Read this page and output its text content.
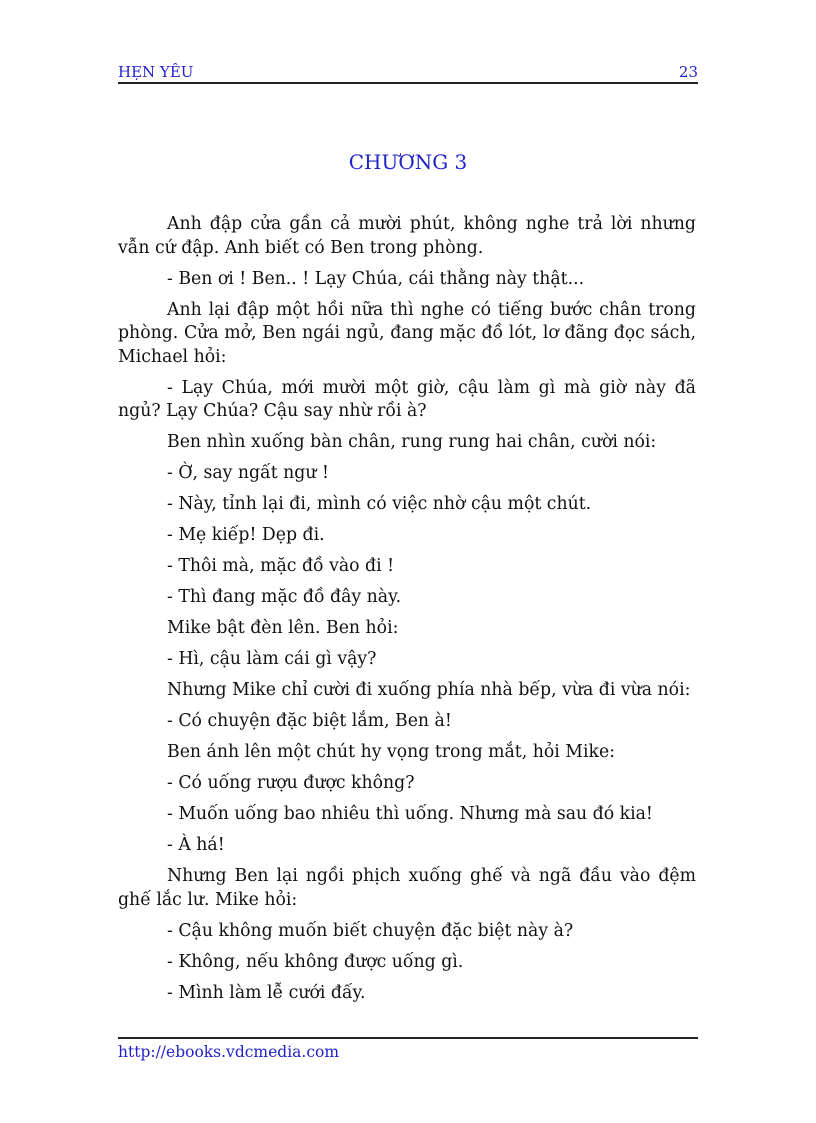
HẸN YÊU	23
CHƯƠNG 3

Anh đập cửa gần cả mười phút, không nghe trả lời nhưng vẫn cứ đập. Anh biết có Ben trong phòng.

- Ben ơi ! Ben.. ! Lạy Chúa, cái thằng này thật...

Anh lại đập một hồi nữa thì nghe có tiếng bước chân trong phòng. Cửa mở, Ben ngái ngủ, đang mặc đồ lót, lơ đãng đọc sách, Michael hỏi:

- Lạy Chúa, mới mười một giờ, cậu làm gì mà giờ này đã ngủ? Lạy Chúa? Cậu say nhừ rồi à?

Ben nhìn xuống bàn chân, rung rung hai chân, cười nói:

- Ờ, say ngất ngư !

- Này, tỉnh lại đi, mình có việc nhờ cậu một chút.

- Mẹ kiếp! Dẹp đi.

- Thôi mà, mặc đồ vào đi !

- Thì đang mặc đồ đây này.

Mike bật đèn lên. Ben hỏi:

- Hì, cậu làm cái gì vậy?

Nhưng Mike chỉ cười đi xuống phía nhà bếp, vừa đi vừa nói:

- Có chuyện đặc biệt lắm, Ben à!

Ben ánh lên một chút hy vọng trong mắt, hỏi Mike:

- Có uống rượu được không?

- Muốn uống bao nhiêu thì uống. Nhưng mà sau đó kia!

- À há!

Nhưng Ben lại ngồi phịch xuống ghế và ngã đầu vào đệm ghế lắc lư. Mike hỏi:

- Cậu không muốn biết chuyện đặc biệt này à?

- Không, nếu không được uống gì.

- Mình làm lễ cưới đấy.

http://ebooks.vdcmedia.com
